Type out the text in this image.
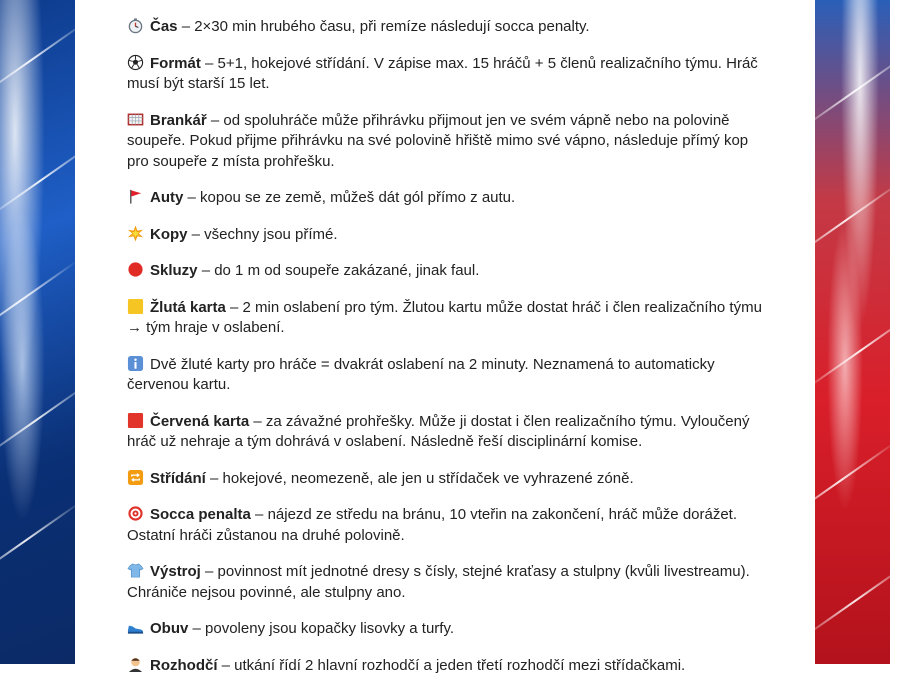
Čas – 2×30 min hrubého času, při remíze následují socca penalty.

Formát – 5+1, hokejové střídání. V zápise max. 15 hráčů + 5 členů realizačního týmu. Hráč musí být starší 15 let.

Brankář – od spoluhráče může přihrávku přijmout jen ve svém vápně nebo na polovině soupeře. Pokud přijme přihrávku na své polovině hřiště mimo své vápno, následuje přímý kop pro soupeře z místa prohřešku.

Auty – kopou se ze země, můžeš dát gól přímo z autu.

Kopy – všechny jsou přímé.

Skluzy – do 1 m od soupeře zakázané, jinak faul.

Žlutá karta – 2 min oslabení pro tým. Žlutou kartu může dostat hráč i člen realizačního týmu → tým hraje v oslabení.

Dvě žluté karty pro hráče = dvakrát oslabení na 2 minuty. Neznamená to automaticky červenou kartu.

Červená karta – za závažné prohřešky. Může ji dostat i člen realizačního týmu. Vyloučený hráč už nehraje a tým dohrává v oslabení. Následně řeší disciplinární komise.

Střídání – hokejové, neomezeně, ale jen u střídaček ve vyhrazené zóně.

Socca penalta – nájezd ze středu na bránu, 10 vteřin na zakončení, hráč může dorážet. Ostatní hráči zůstanou na druhé polovině.

Výstroj – povinnost mít jednotné dresy s čísly, stejné kraťasy a stulpny (kvůli livestreamu). Chrániče nejsou povinné, ale stulpny ano.

Obuv – povoleny jsou kopačky lisovky a turfy.

Rozhodčí – utkání řídí 2 hlavní rozhodčí a jeden třetí rozhodčí mezi střídačkami.
